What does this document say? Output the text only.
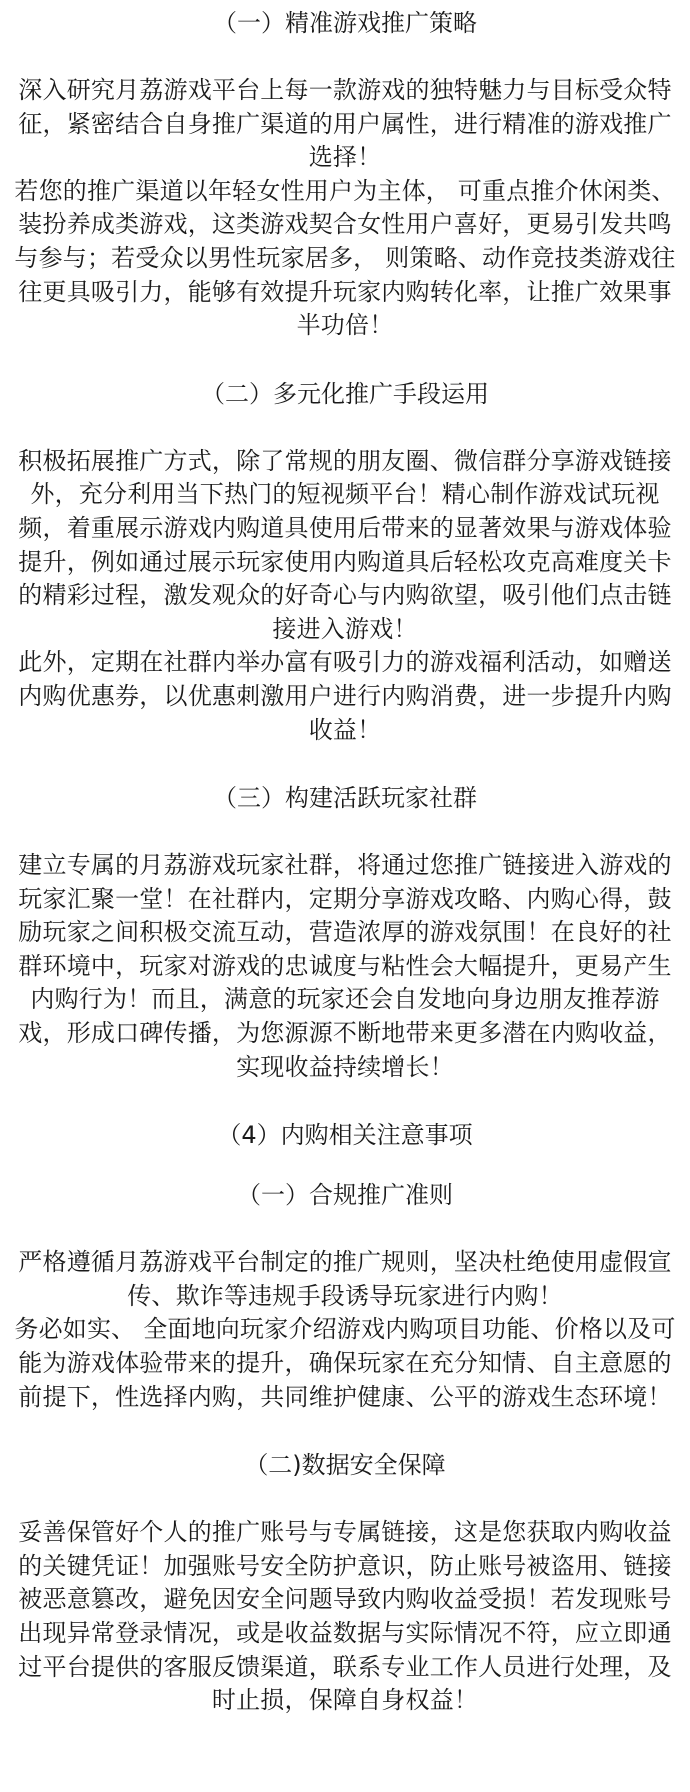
（一）精准游戏推广策略

深入研究月荔游戏平台上每一款游戏的独特魅力与目标受众特征，紧密结合自身推广渠道的用户属性，进行精准的游戏推广选择！

若您的推广渠道以年轻女性用户为主体， 可重点推介休闲类、装扮养成类游戏，这类游戏契合女性用户喜好，更易引发共鸣与参与；若受众以男性玩家居多， 则策略、动作竞技类游戏往往更具吸引力，能够有效提升玩家内购转化率，让推广效果事半功倍！

（二）多元化推广手段运用

积极拓展推广方式，除了常规的朋友圈、微信群分享游戏链接外，充分利用当下热门的短视频平台！精心制作游戏试玩视频，着重展示游戏内购道具使用后带来的显著效果与游戏体验提升，例如通过展示玩家使用内购道具后轻松攻克高难度关卡的精彩过程，激发观众的好奇心与内购欲望，吸引他们点击链接进入游戏！

此外，定期在社群内举办富有吸引力的游戏福利活动，如赠送内购优惠券，以优惠刺激用户进行内购消费，进一步提升内购收益！

（三）构建活跃玩家社群

建立专属的月荔游戏玩家社群，将通过您推广链接进入游戏的玩家汇聚一堂！在社群内，定期分享游戏攻略、内购心得，鼓励玩家之间积极交流互动，营造浓厚的游戏氛围！在良好的社群环境中，玩家对游戏的忠诚度与粘性会大幅提升，更易产生内购行为！而且，满意的玩家还会自发地向身边朋友推荐游戏，形成口碑传播，为您源源不断地带来更多潜在内购收益，实现收益持续增长！

（4）内购相关注意事项
（一）合规推广准则

严格遵循月荔游戏平台制定的推广规则，坚决杜绝使用虚假宣传、欺诈等违规手段诱导玩家进行内购！

务必如实、 全面地向玩家介绍游戏内购项目功能、价格以及可能为游戏体验带来的提升，确保玩家在充分知情、自主意愿的前提下，性选择内购，共同维护健康、公平的游戏生态环境！

（二)数据安全保障

妥善保管好个人的推广账号与专属链接，这是您获取内购收益的关键凭证！加强账号安全防护意识，防止账号被盗用、链接被恶意篡改，避免因安全问题导致内购收益受损！若发现账号出现异常登录情况，或是收益数据与实际情况不符，应立即通过平台提供的客服反馈渠道，联系专业工作人员进行处理，及时止损，保障自身权益！
